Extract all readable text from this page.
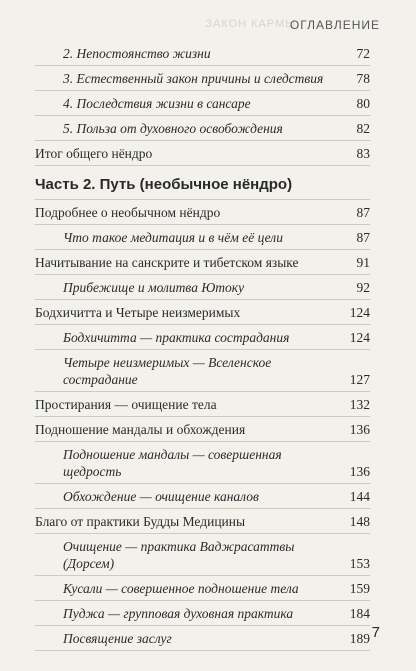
ЗАКОН КАРМЫ
ОГЛАВЛЕНИЕ
2. Непостоянство жизни	72
3. Естественный закон причины и следствия	78
4. Последствия жизни в сансаре	80
5. Польза от духовного освобождения	82
Итог общего нёндро	83
Часть 2. Путь (необычное нёндро)
Подробнее о необычном нёндро	87
Что такое медитация и в чём её цели	87
Начитывание на санскрите и тибетском языке	91
Прибежище и молитва Ютоку	92
Бодхичитта и Четыре неизмеримых	124
Бодхичитта — практика сострадания	124
Четыре неизмеримых — Вселенское сострадание	127
Простирания — очищение тела	132
Подношение мандалы и обхождения	136
Подношение мандалы — совершенная щедрость	136
Обхождение — очищение каналов	144
Благо от практики Будды Медицины	148
Очищение — практика Ваджрасаттвы (Дорсем)	153
Кусали — совершенное подношение тела	159
Пуджа — групповая духовная практика	184
Посвящение заслуг	189 7
